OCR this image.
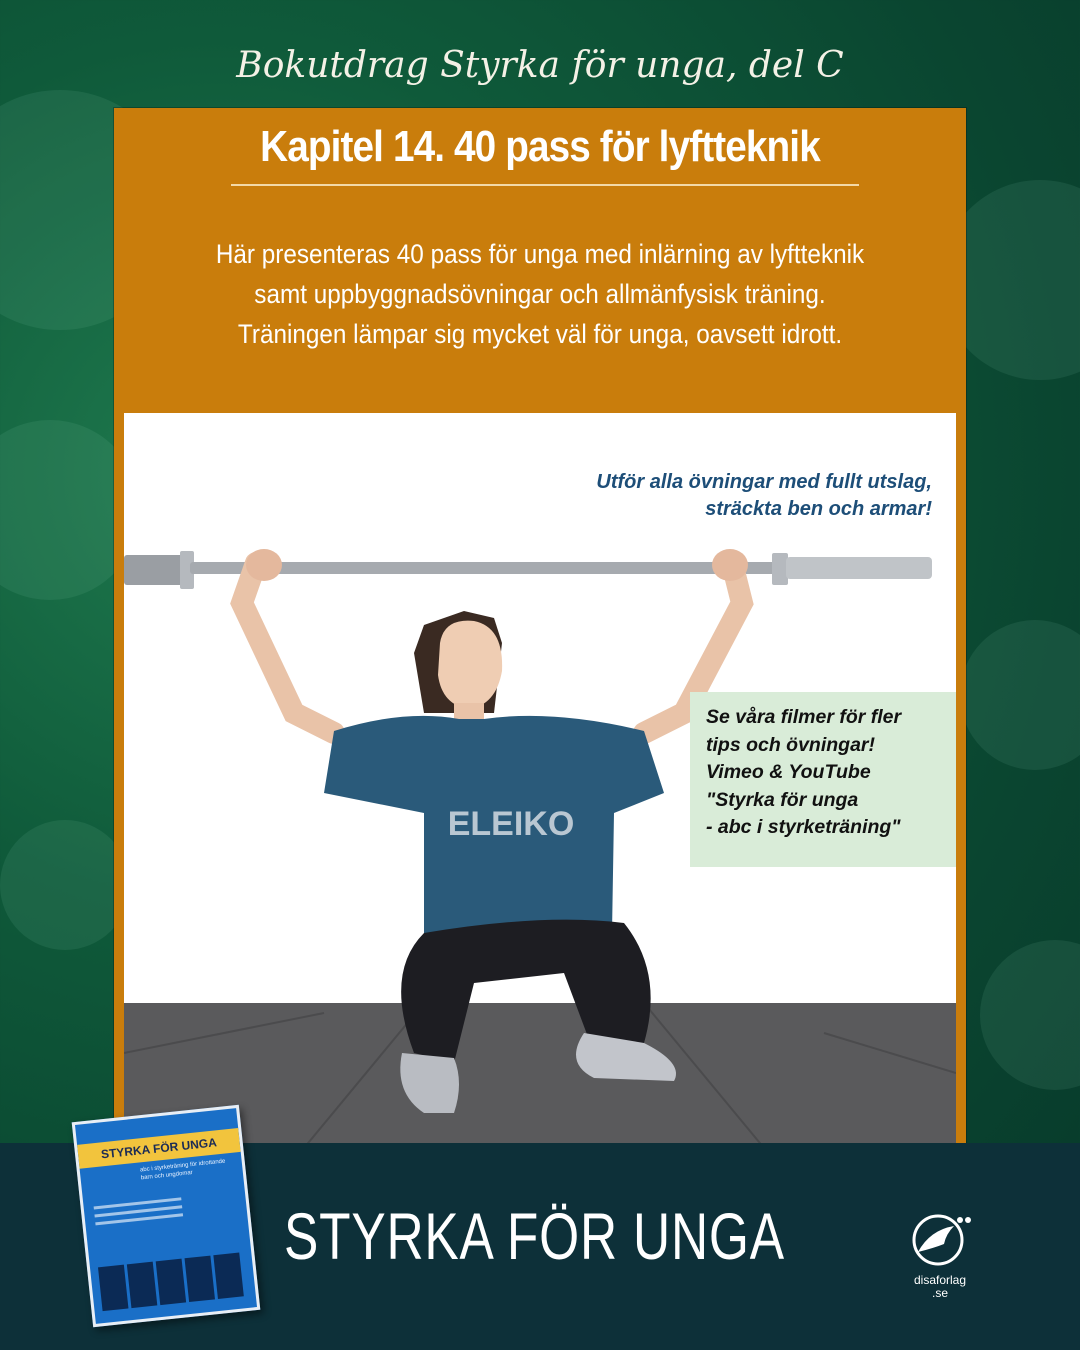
Bokutdrag Styrka för unga, del C
Kapitel 14. 40 pass för lyftteknik
Här presenteras 40 pass för unga med inlärning av lyftteknik
samt uppbyggnadsövningar och allmänfysisk träning.
Träningen lämpar sig mycket väl för unga, oavsett idrott.
ELEIKO
Utför alla övningar med fullt utslag,
sträckta ben och armar!
Se våra filmer för fler
tips och övningar!
Vimeo & YouTube
"Styrka för unga
- abc i styrketräning"
STYRKA FÖR UNGA
abc i styrketräning för idrottande barn och ungdomar
STYRKA FÖR UNGA
disaforlag
.se
